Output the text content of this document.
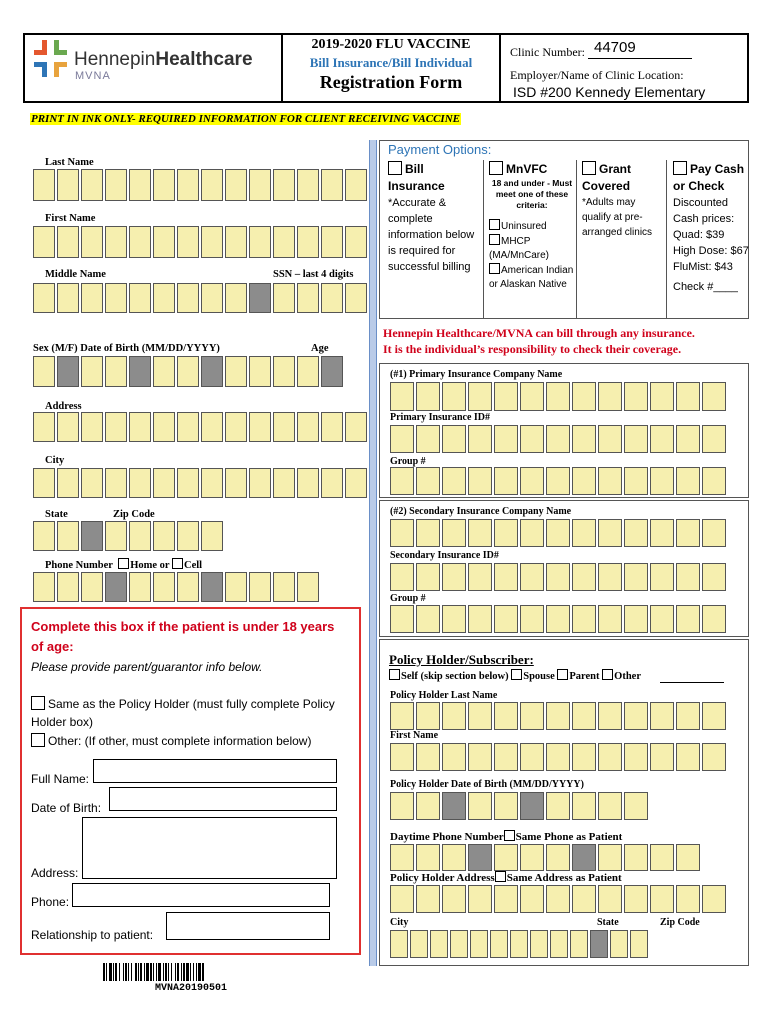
HennepinHealthcare
MVNA
2019-2020 FLU VACCINE
Bill Insurance/Bill Individual
Registration Form
Clinic Number: 44709
Employer/Name of Clinic Location:
ISD #200 Kennedy Elementary
PRINT IN INK ONLY- REQUIRED INFORMATION FOR CLIENT RECEIVING VACCINE
Last Name
First Name
Middle Name	SSN – last 4 digits
Sex (M/F) Date of Birth (MM/DD/YYYY)	Age
Address
City
State	Zip Code
Phone Number Home or Cell
Complete this box if the patient is under 18 years
of age:
Please provide parent/guarantor info below.
Same as the Policy Holder (must fully complete Policy
Holder box)
Other: (If other, must complete information below)
Full Name:
Date of Birth:
Address:
Phone:
Relationship to patient:
MVNA20190501
Payment Options:
Bill Insurance
*Accurate & complete information below is required for successful billing
MnVFC
18 and under - Must meet one of these criteria:
Uninsured
MHCP (MA/MnCare)
American Indian or Alaskan Native
Grant Covered
*Adults may qualify at pre-arranged clinics
Pay Cash or Check
Discounted Cash prices:
Quad: $39
High Dose: $67
FluMist: $43
Check #____
Hennepin Healthcare/MVNA can bill through any insurance.
It is the individual’s responsibility to check their coverage.
(#1) Primary Insurance Company Name
Primary Insurance ID#
Group #
(#2) Secondary Insurance Company Name
Secondary Insurance ID#
Group #
Policy Holder/Subscriber:
Self (skip section below) Spouse Parent Other
Policy Holder Last Name
First Name
Policy Holder Date of Birth (MM/DD/YYYY)
Daytime Phone Number Same Phone as Patient
Policy Holder Address Same Address as Patient
City	State	Zip Code
